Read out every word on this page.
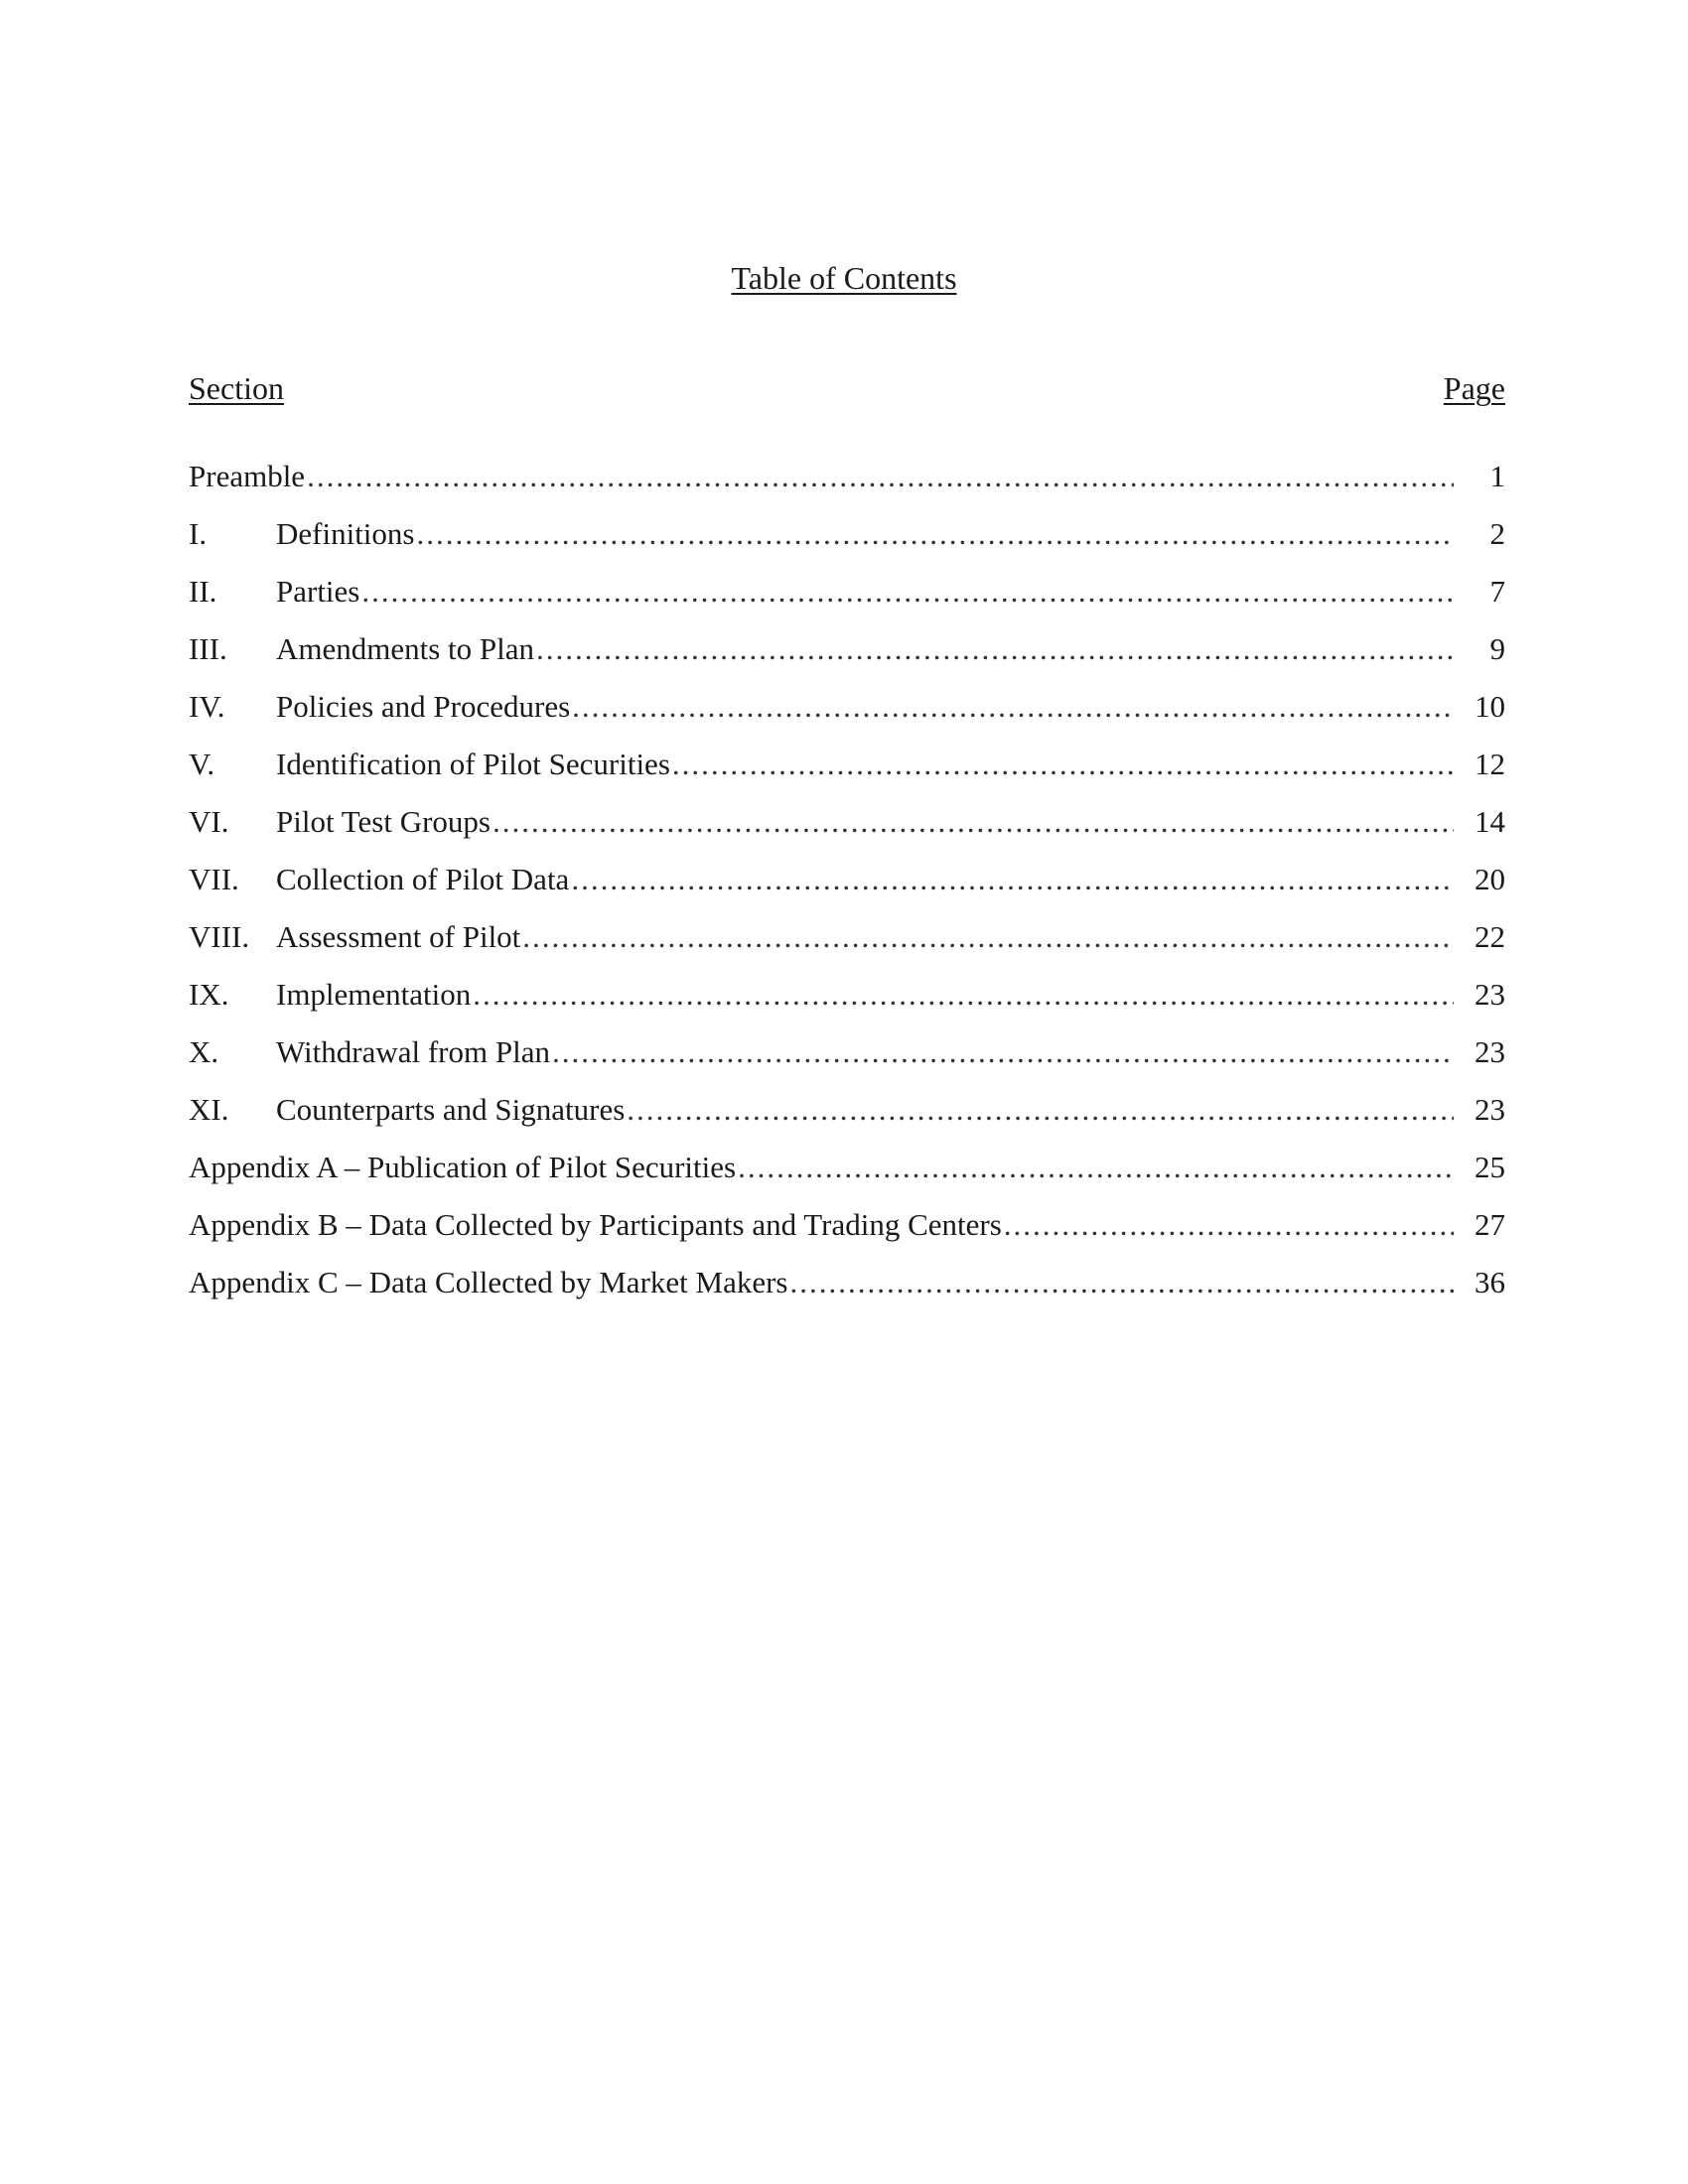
Table of Contents
Section	Page
Preamble .....	1
I.	Definitions .....	2
II.	Parties .....	7
III.	Amendments to Plan .....	9
IV.	Policies and Procedures .....	10
V.	Identification of Pilot Securities .....	12
VI.	Pilot Test Groups .....	14
VII.	Collection of Pilot Data .....	20
VIII. Assessment of Pilot .....	22
IX.	Implementation .....	23
X.	Withdrawal from Plan .....	23
XI.	Counterparts and Signatures .....	23
Appendix A – Publication of Pilot Securities .....	25
Appendix B – Data Collected by Participants and Trading Centers .....	27
Appendix C – Data Collected by Market Makers .....	36
